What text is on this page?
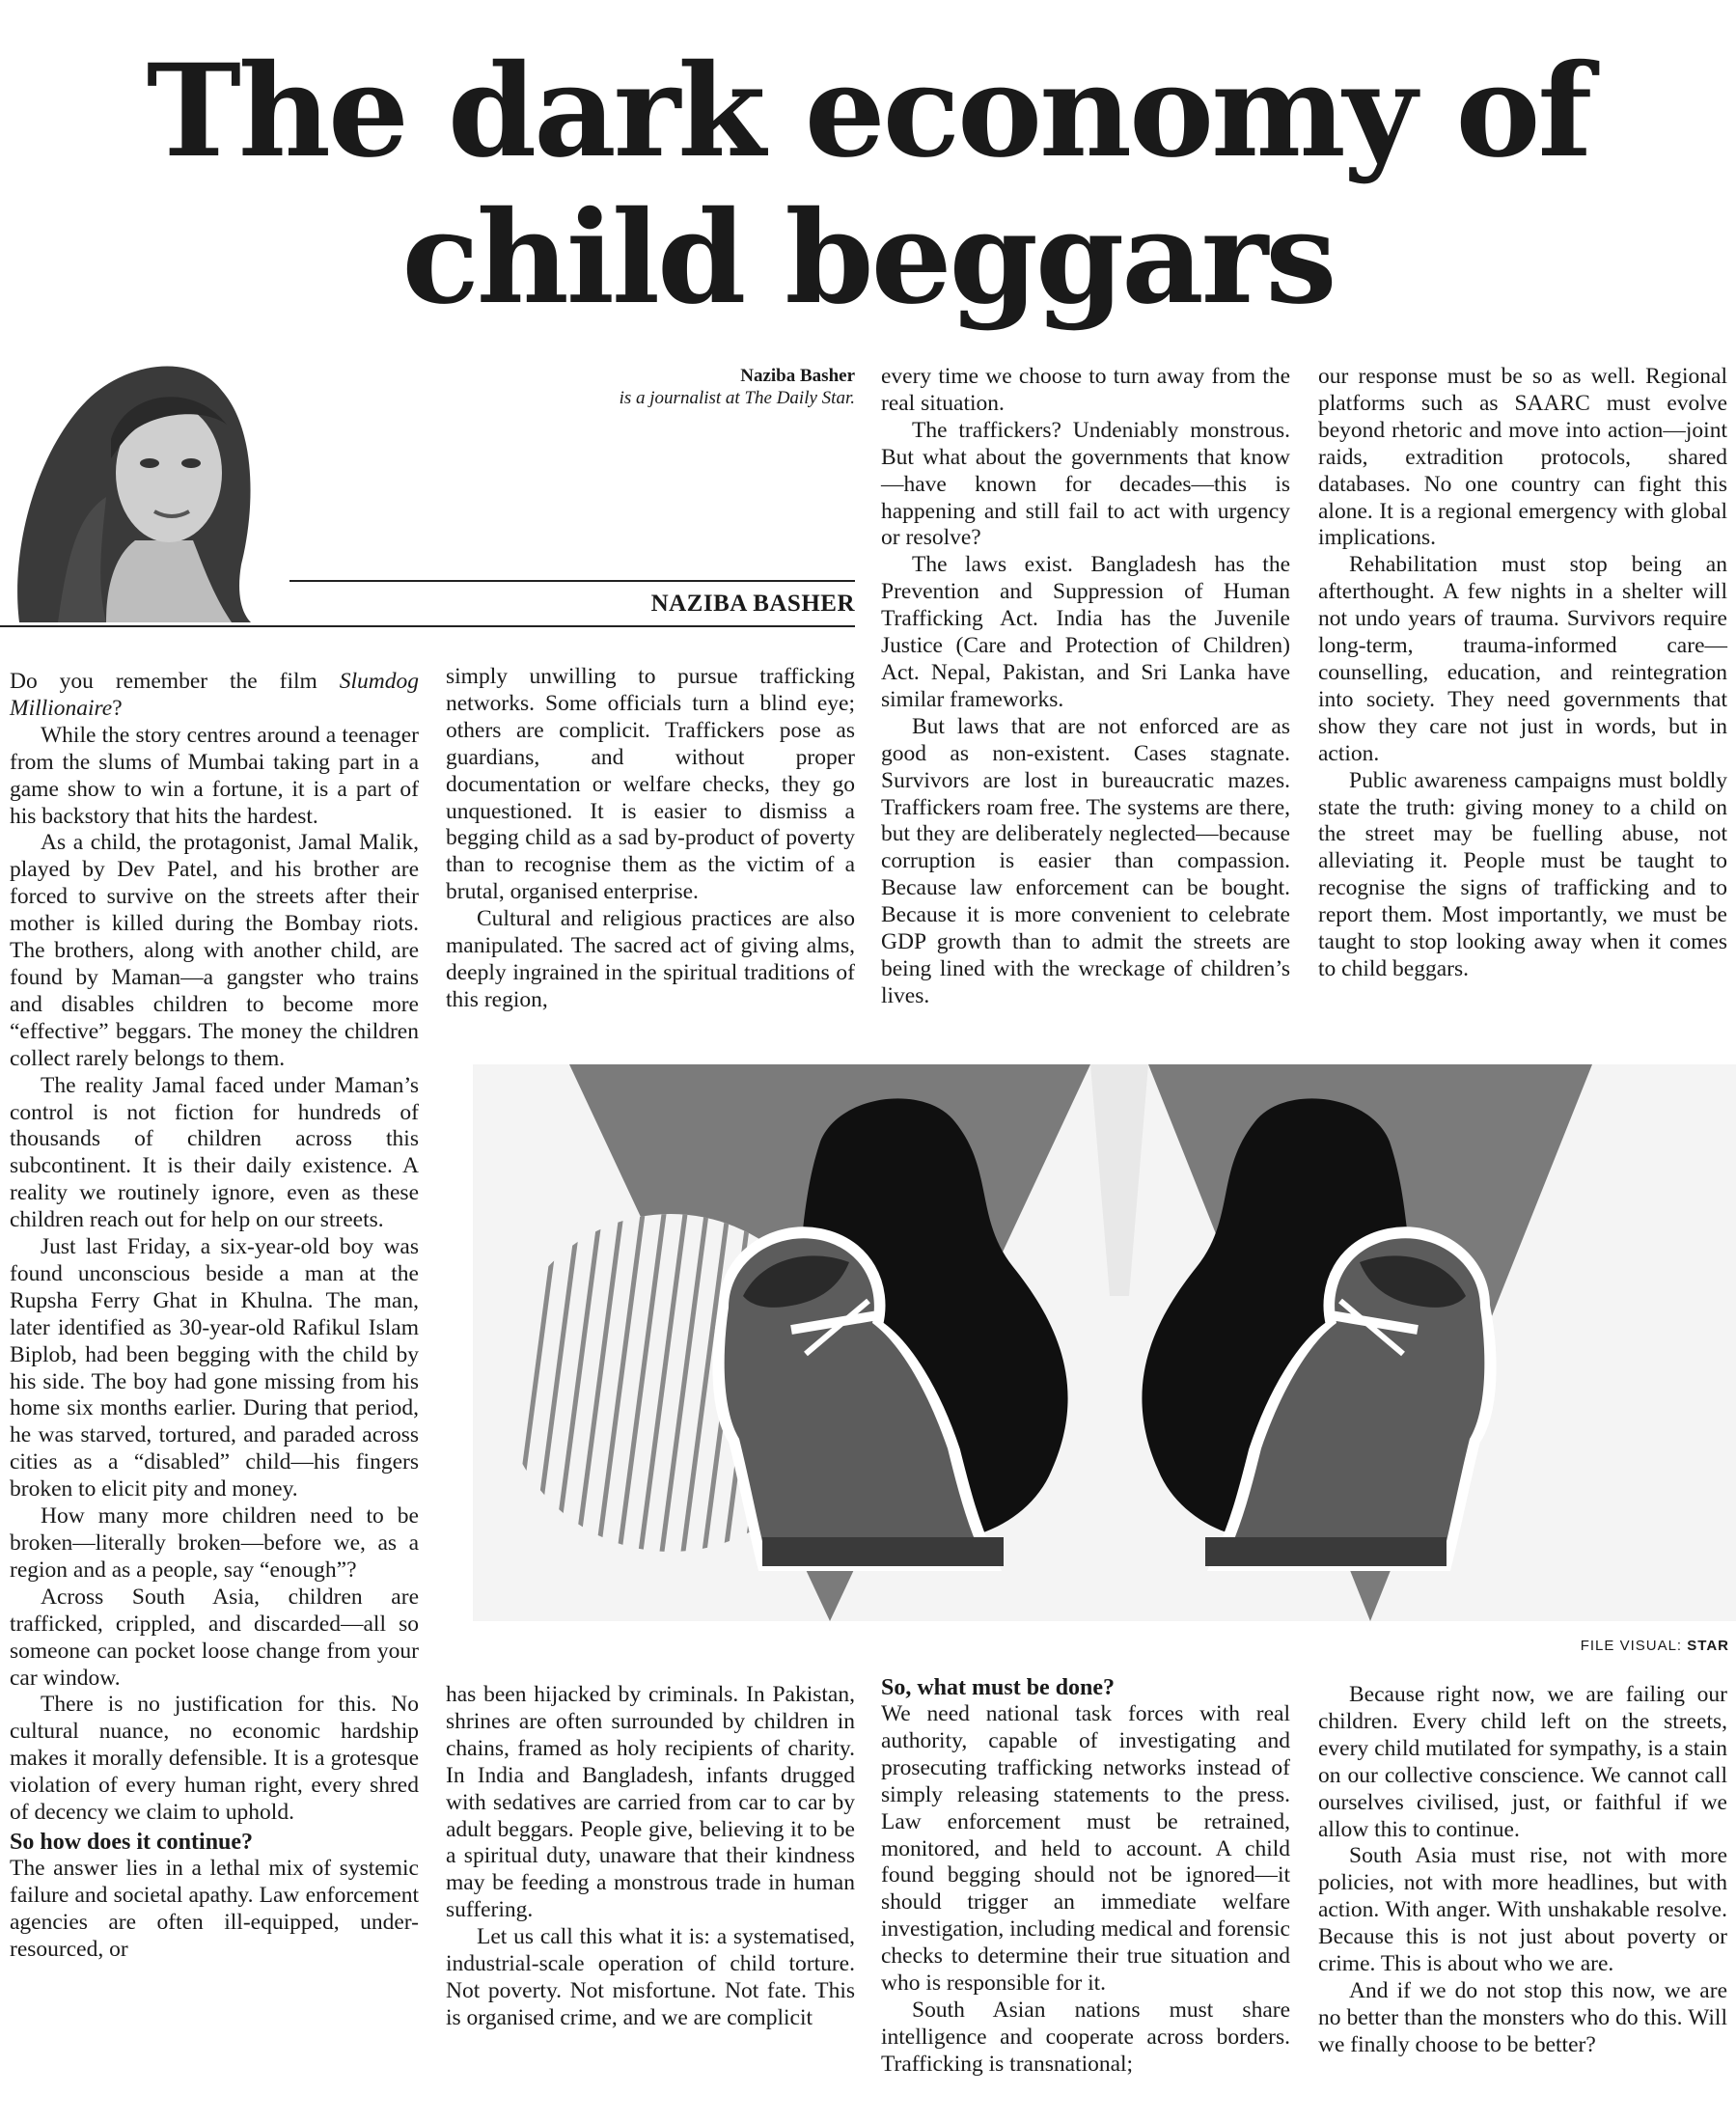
The dark economy of
child beggars
Naziba Basher
is a journalist at The Daily Star.
NAZIBA BASHER

Do you remember the film Slumdog Millionaire?

While the story centres around a teenager from the slums of Mumbai taking part in a game show to win a fortune, it is a part of his backstory that hits the hardest.

As a child, the protagonist, Jamal Malik, played by Dev Patel, and his brother are forced to survive on the streets after their mother is killed during the Bombay riots. The brothers, along with another child, are found by Maman—a gangster who trains and disables children to become more “effective” beggars. The money the children collect rarely belongs to them.

The reality Jamal faced under Maman’s control is not fiction for hundreds of thousands of children across this subcontinent. It is their daily existence. A reality we routinely ignore, even as these children reach out for help on our streets.

Just last Friday, a six-year-old boy was found unconscious beside a man at the Rupsha Ferry Ghat in Khulna. The man, later identified as 30-year-old Rafikul Islam Biplob, had been begging with the child by his side. The boy had gone missing from his home six months earlier. During that period, he was starved, tortured, and paraded across cities as a “disabled” child—his fingers broken to elicit pity and money.

How many more children need to be broken—literally broken—before we, as a region and as a people, say “enough”?

Across South Asia, children are trafficked, crippled, and discarded—all so someone can pocket loose change from your car window.

There is no justification for this. No cultural nuance, no economic hardship makes it morally defensible. It is a grotesque violation of every human right, every shred of decency we claim to uphold.

So how does it continue?

The answer lies in a lethal mix of systemic failure and societal apathy. Law enforcement agencies are often ill-equipped, under-resourced, or

simply unwilling to pursue trafficking networks. Some officials turn a blind eye; others are complicit. Traffickers pose as guardians, and without proper documentation or welfare checks, they go unquestioned. It is easier to dismiss a begging child as a sad by-product of poverty than to recognise them as the victim of a brutal, organised enterprise.

Cultural and religious practices are also manipulated. The sacred act of giving alms, deeply ingrained in the spiritual traditions of this region,

every time we choose to turn away from the real situation.

The traffickers? Undeniably monstrous. But what about the governments that know—have known for decades—this is happening and still fail to act with urgency or resolve?

The laws exist. Bangladesh has the Prevention and Suppression of Human Trafficking Act. India has the Juvenile Justice (Care and Protection of Children) Act. Nepal, Pakistan, and Sri Lanka have similar frameworks.

But laws that are not enforced are as good as non-existent. Cases stagnate. Survivors are lost in bureaucratic mazes. Traffickers roam free. The systems are there, but they are deliberately neglected—because corruption is easier than compassion. Because law enforcement can be bought. Because it is more convenient to celebrate GDP growth than to admit the streets are being lined with the wreckage of children’s lives.

our response must be so as well. Regional platforms such as SAARC must evolve beyond rhetoric and move into action—joint raids, extradition protocols, shared databases. No one country can fight this alone. It is a regional emergency with global implications.

Rehabilitation must stop being an afterthought. A few nights in a shelter will not undo years of trauma. Survivors require long-term, trauma-informed care—counselling, education, and reintegration into society. They need governments that show they care not just in words, but in action.

Public awareness campaigns must boldly state the truth: giving money to a child on the street may be fuelling abuse, not alleviating it. People must be taught to recognise the signs of trafficking and to report them. Most importantly, we must be taught to stop looking away when it comes to child beggars.

FILE VISUAL: STAR

has been hijacked by criminals. In Pakistan, shrines are often surrounded by children in chains, framed as holy recipients of charity. In India and Bangladesh, infants drugged with sedatives are carried from car to car by adult beggars. People give, believing it to be a spiritual duty, unaware that their kindness may be feeding a monstrous trade in human suffering.

Let us call this what it is: a systematised, industrial-scale operation of child torture. Not poverty. Not misfortune. Not fate. This is organised crime, and we are complicit

So, what must be done?

We need national task forces with real authority, capable of investigating and prosecuting trafficking networks instead of simply releasing statements to the press. Law enforcement must be retrained, monitored, and held to account. A child found begging should not be ignored—it should trigger an immediate welfare investigation, including medical and forensic checks to determine their true situation and who is responsible for it.

South Asian nations must share intelligence and cooperate across borders. Trafficking is transnational;

Because right now, we are failing our children. Every child left on the streets, every child mutilated for sympathy, is a stain on our collective conscience. We cannot call ourselves civilised, just, or faithful if we allow this to continue.

South Asia must rise, not with more policies, not with more headlines, but with action. With anger. With unshakable resolve. Because this is not just about poverty or crime. This is about who we are.

And if we do not stop this now, we are no better than the monsters who do this. Will we finally choose to be better?
